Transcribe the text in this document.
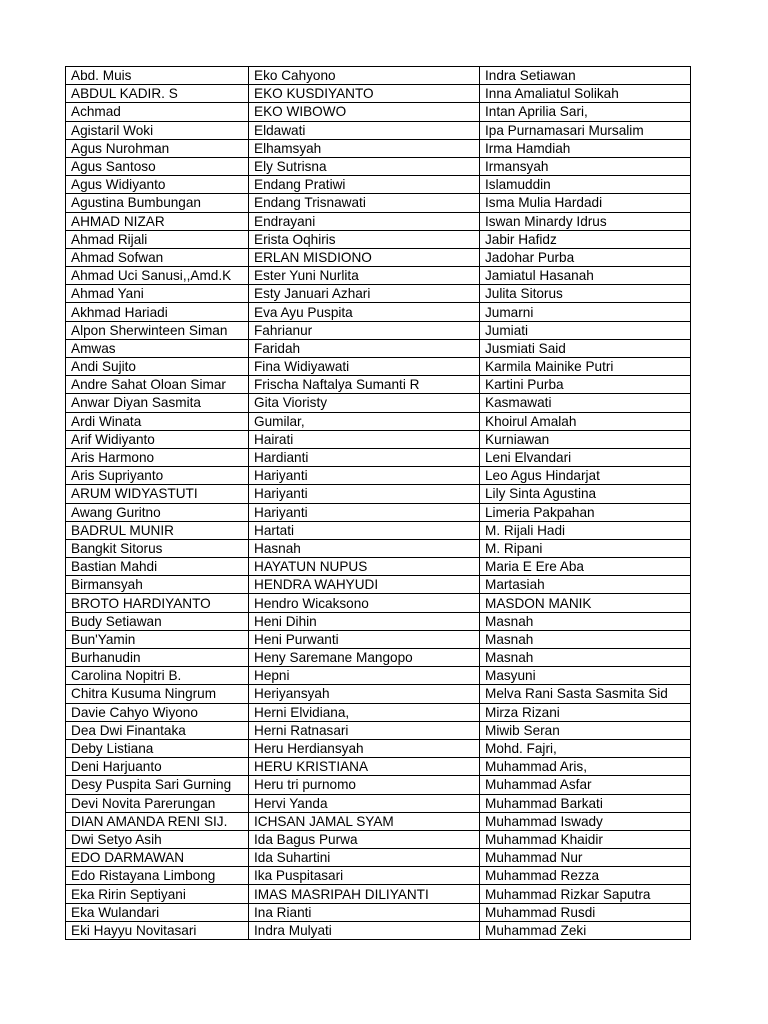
Abd. Muis	Eko Cahyono	Indra Setiawan
ABDUL KADIR. S	EKO KUSDIYANTO	Inna Amaliatul Solikah
Achmad	EKO WIBOWO	Intan Aprilia Sari,
Agistaril Woki	Eldawati	Ipa Purnamasari Mursalim
Agus Nurohman	Elhamsyah	Irma Hamdiah
Agus Santoso	Ely Sutrisna	Irmansyah
Agus Widiyanto	Endang Pratiwi	Islamuddin
Agustina Bumbungan	Endang Trisnawati	Isma Mulia Hardadi
AHMAD NIZAR	Endrayani	Iswan Minardy Idrus
Ahmad Rijali	Erista Oqhiris	Jabir Hafidz
Ahmad Sofwan	ERLAN MISDIONO	Jadohar Purba
Ahmad Uci Sanusi,,Amd.K	Ester Yuni Nurlita	Jamiatul Hasanah
Ahmad Yani	Esty Januari Azhari	Julita Sitorus
Akhmad Hariadi	Eva Ayu Puspita	Jumarni
Alpon Sherwinteen Siman	Fahrianur	Jumiati
Amwas	Faridah	Jusmiati Said
Andi Sujito	Fina Widiyawati	Karmila Mainike Putri
Andre Sahat Oloan Simar	Frischa Naftalya Sumanti R	Kartini Purba
Anwar Diyan Sasmita	Gita Vioristy	Kasmawati
Ardi Winata	Gumilar,	Khoirul Amalah
Arif Widiyanto	Hairati	Kurniawan
Aris Harmono	Hardianti	Leni Elvandari
Aris Supriyanto	Hariyanti	Leo Agus Hindarjat
ARUM WIDYASTUTI	Hariyanti	Lily Sinta Agustina
Awang Guritno	Hariyanti	Limeria Pakpahan
BADRUL MUNIR	Hartati	M. Rijali Hadi
Bangkit Sitorus	Hasnah	M. Ripani
Bastian Mahdi	HAYATUN NUPUS	Maria E Ere Aba
Birmansyah	HENDRA WAHYUDI	Martasiah
BROTO HARDIYANTO	Hendro Wicaksono	MASDON MANIK
Budy Setiawan	Heni Dihin	Masnah
Bun'Yamin	Heni Purwanti	Masnah
Burhanudin	Heny Saremane Mangopo	Masnah
Carolina Nopitri B.	Hepni	Masyuni
Chitra Kusuma Ningrum	Heriyansyah	Melva Rani Sasta Sasmita Sid
Davie Cahyo Wiyono	Herni Elvidiana,	Mirza Rizani
Dea Dwi Finantaka	Herni Ratnasari	Miwib Seran
Deby Listiana	Heru Herdiansyah	Mohd. Fajri,
Deni Harjuanto	HERU KRISTIANA	Muhammad Aris,
Desy Puspita Sari Gurning	Heru tri purnomo	Muhammad Asfar
Devi Novita Parerungan	Hervi Yanda	Muhammad Barkati
DIAN AMANDA RENI SIJ.	ICHSAN JAMAL SYAM	Muhammad Iswady
Dwi Setyo Asih	Ida Bagus Purwa	Muhammad Khaidir
EDO DARMAWAN	Ida Suhartini	Muhammad Nur
Edo Ristayana Limbong	Ika Puspitasari	Muhammad Rezza
Eka Ririn Septiyani	IMAS MASRIPAH DILIYANTI	Muhammad Rizkar Saputra
Eka Wulandari	Ina Rianti	Muhammad Rusdi
Eki Hayyu Novitasari	Indra Mulyati	Muhammad Zeki
